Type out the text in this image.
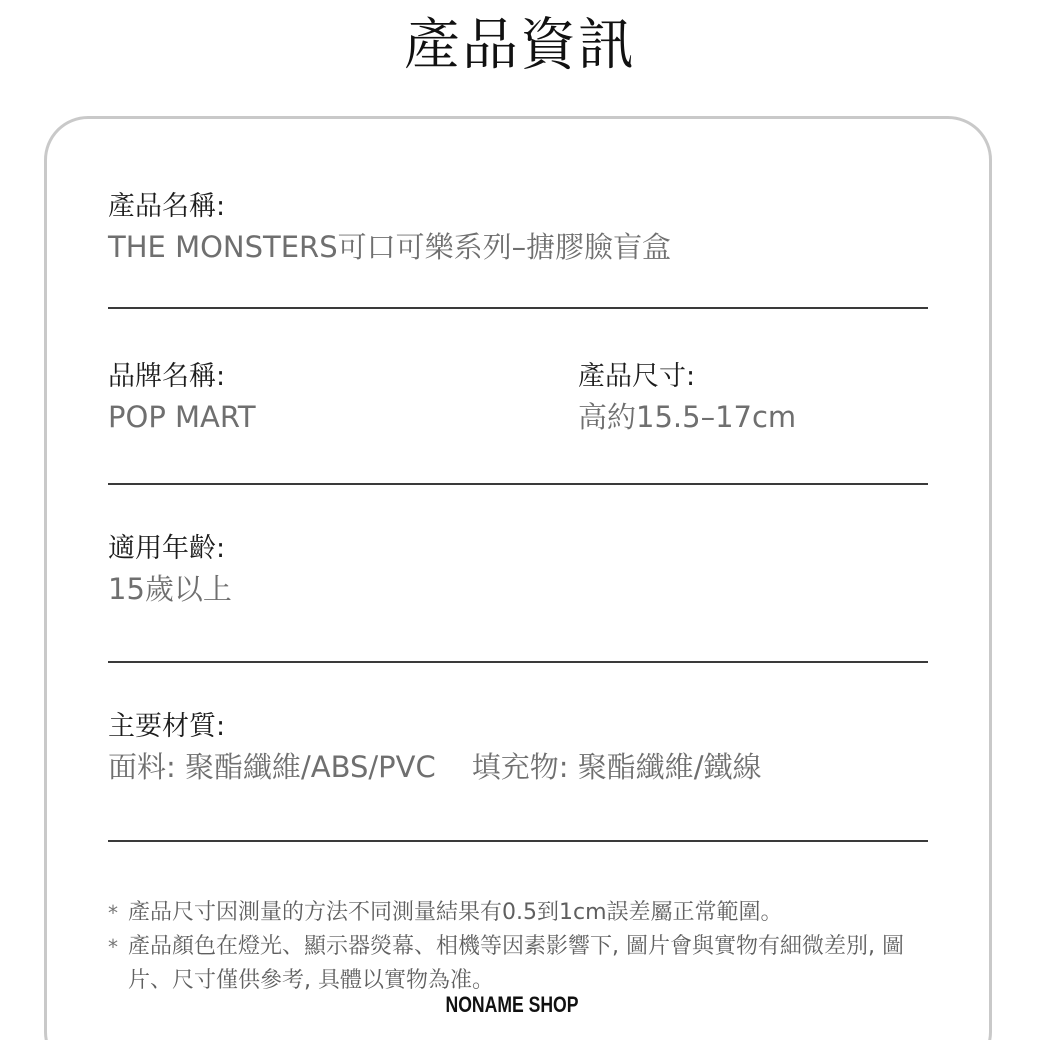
產品資訊
產品名稱:
THE MONSTERS可口可樂系列–搪膠臉盲盒
品牌名稱:
POP MART
產品尺寸:
高約15.5–17cm
適用年齡:
15歲以上
主要材質:
面料: 聚酯纖維/ABS/PVC 填充物: 聚酯纖維/鐵線
* 產品尺寸因測量的方法不同測量結果有0.5到1cm誤差屬正常範圍。
* 產品顏色在燈光、顯示器熒幕、相機等因素影響下, 圖片會與實物有細微差別, 圖片、尺寸僅供參考, 具體以實物為准。
NONAME SHOP
